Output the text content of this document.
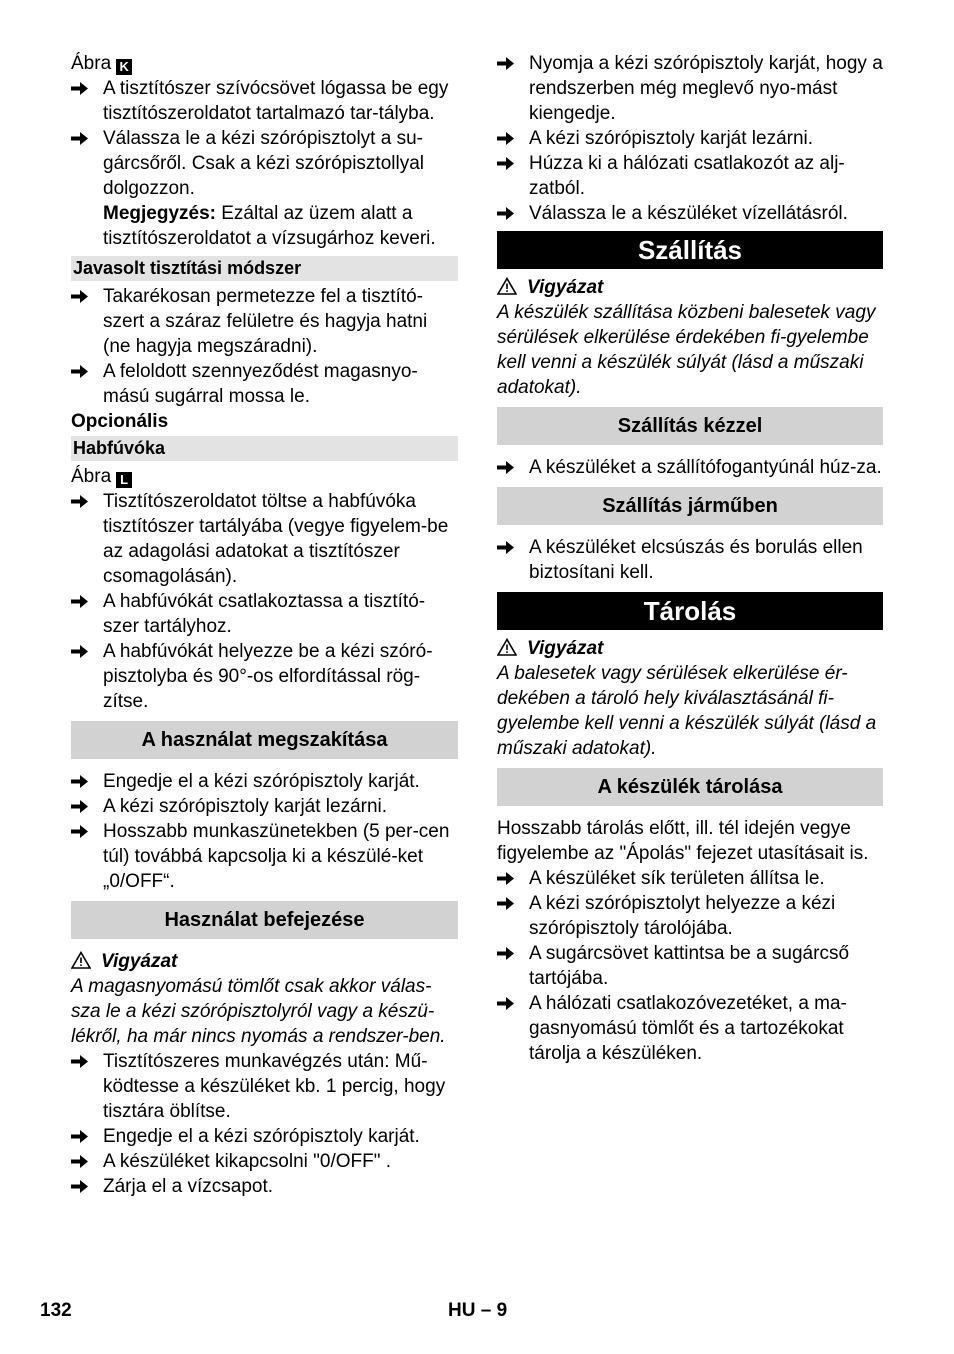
Ábra K

A tisztítószer szívócsövet lógassa be egy tisztítószeroldatot tartalmazó tar-tályba.
Válassza le a kézi szórópisztolyt a su-gárcsőről. Csak a kézi szórópisztollyal dolgozzon.

Megjegyzés: Ezáltal az üzem alatt a tisztítószeroldatot a vízsugárhoz keveri.

Javasolt tisztítási módszer
Takarékosan permetezze fel a tisztító-szert a száraz felületre és hagyja hatni (ne hagyja megszáradni).
A feloldott szennyeződést magasnyo-mású sugárral mossa le.

Opcionális

Habfúvóka

Ábra L

Tisztítószeroldatot töltse a habfúvóka tisztítószer tartályába (vegye figyelem-be az adagolási adatokat a tisztítószer csomagolásán).
A habfúvókát csatlakoztassa a tisztító-szer tartályhoz.
A habfúvókát helyezze be a kézi szóró-pisztolyba és 90°-os elfordítással rög-zítse.
A használat megszakítása
Engedje el a kézi szórópisztoly karját.
A kézi szórópisztoly karját lezárni.
Hosszabb munkaszünetekben (5 per-cen túl) továbbá kapcsolja ki a készülé-ket „0/OFF“.
Használat befejezése

Vigyázat

A magasnyomású tömlőt csak akkor válas-sza le a kézi szórópisztolyról vagy a készü-lékről, ha már nincs nyomás a rendszer-ben.

Tisztítószeres munkavégzés után: Mű-ködtesse a készüléket kb. 1 percig, hogy tisztára öblítse.
Engedje el a kézi szórópisztoly karját.
A készüléket kikapcsolni "0/OFF" .
Zárja el a vízcsapot.
Nyomja a kézi szórópisztoly karját, hogy a rendszerben még meglevő nyo-mást kiengedje.
A kézi szórópisztoly karját lezárni.
Húzza ki a hálózati csatlakozót az alj-zatból.
Válassza le a készüléket vízellátásról.
Szállítás

Vigyázat

A készülék szállítása közbeni balesetek vagy sérülések elkerülése érdekében fi-gyelembe kell venni a készülék súlyát (lásd a műszaki adatokat).

Szállítás kézzel
A készüléket a szállítófogantyúnál húz-za.
Szállítás járműben
A készüléket elcsúszás és borulás ellen biztosítani kell.
Tárolás

Vigyázat

A balesetek vagy sérülések elkerülése ér-dekében a tároló hely kiválasztásánál fi-gyelembe kell venni a készülék súlyát (lásd a műszaki adatokat).

A készülék tárolása

Hosszabb tárolás előtt, ill. tél idején vegye figyelembe az "Ápolás" fejezet utasításait is.

A készüléket sík területen állítsa le.
A kézi szórópisztolyt helyezze a kézi szórópisztoly tárolójába.
A sugárcsövet kattintsa be a sugárcső tartójába.
A hálózati csatlakozóvezetéket, a ma-gasnyomású tömlőt és a tartozékokat tárolja a készüléken.
132	HU – 9
